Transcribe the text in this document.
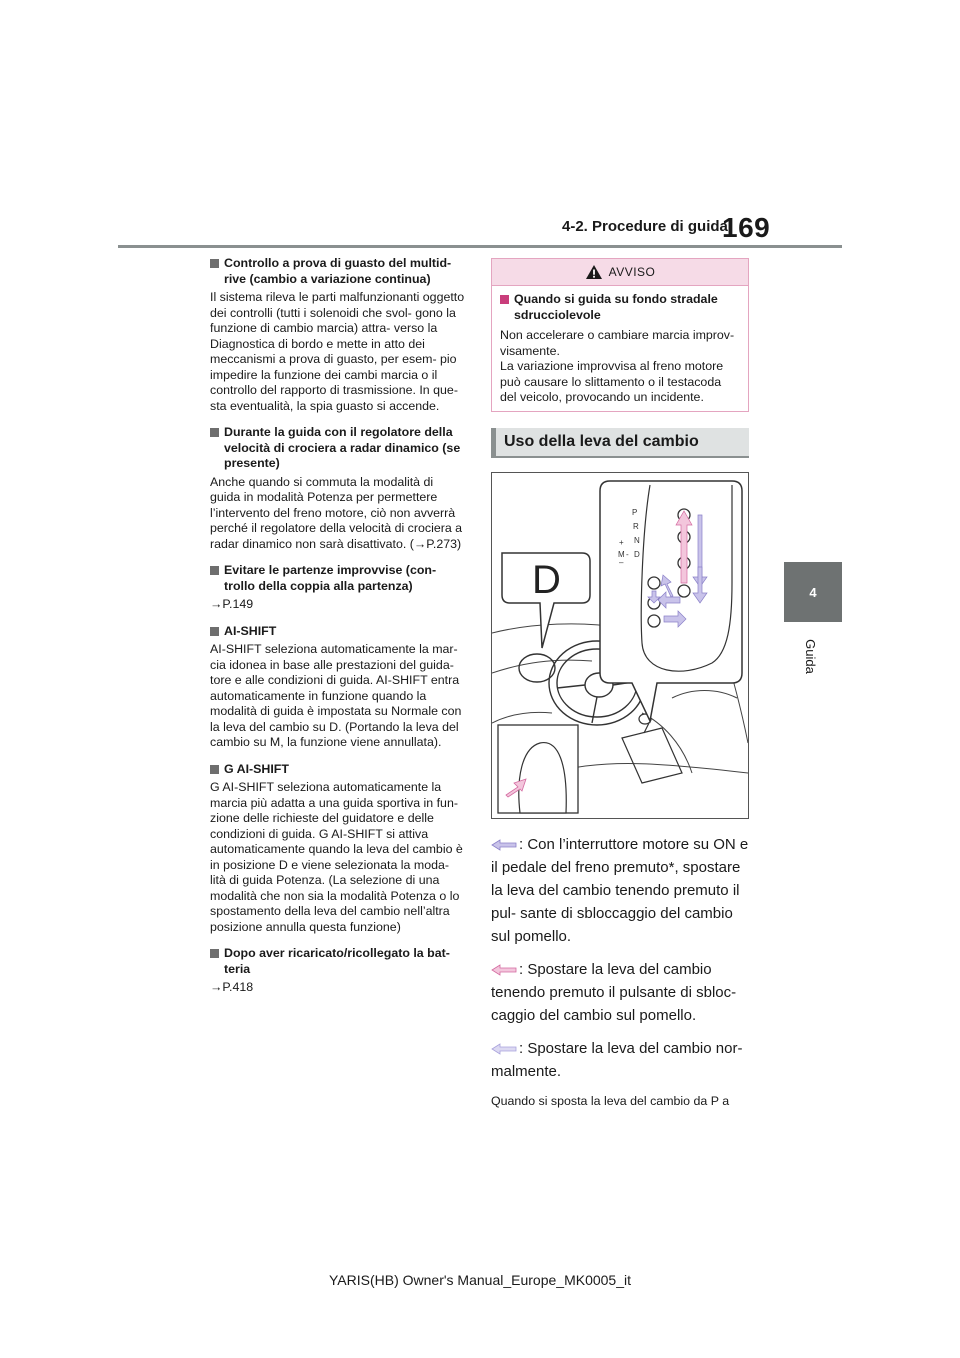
4-2. Procedure di guida
169
4
Guida
Controllo a prova di guasto del multid- rive (cambio a variazione continua)

Il sistema rileva le parti malfunzionanti oggetto dei controlli (tutti i solenoidi che svol- gono la funzione di cambio marcia) attra- verso la Diagnostica di bordo e mette in atto dei meccanismi a prova di guasto, per esem- pio impedire la funzione dei cambi marcia o il controllo del rapporto di trasmissione. In que- sta eventualità, la spia guasto si accende.

Durante la guida con il regolatore della velocità di crociera a radar dinamico (se presente)

Anche quando si commuta la modalità di guida in modalità Potenza per permettere l’intervento del freno motore, ciò non avverrà perché il regolatore della velocità di crociera a radar dinamico non sarà disattivato. (→P.273)

Evitare le partenze improvvise (con- trollo della coppia alla partenza)

→P.149

AI-SHIFT

AI-SHIFT seleziona automaticamente la mar- cia idonea in base alle prestazioni del guida- tore e alle condizioni di guida. AI-SHIFT entra automaticamente in funzione quando la modalità di guida è impostata su Normale con la leva del cambio su D. (Portando la leva del cambio su M, la funzione viene annullata).

G AI-SHIFT

G AI-SHIFT seleziona automaticamente la marcia più adatta a una guida sportiva in fun- zione delle richieste del guidatore e delle condizioni di guida. G AI-SHIFT si attiva automaticamente quando la leva del cambio è in posizione D e viene selezionata la moda- lità di guida Potenza. (La selezione di una modalità che non sia la modalità Potenza o lo spostamento della leva del cambio nell’altra posizione annulla questa funzione)

Dopo aver ricaricato/ricollegato la bat- teria

→P.418

AVVISO
Quando si guida su fondo stradale sdrucciolevole

Non accelerare o cambiare marcia improv- visamente.

La variazione improvvisa al freno motore può causare lo slittamento o il testacoda del veicolo, provocando un incidente.

Uso della leva del cambio
D
P
R
N
D
+
M -
–
: Con l’interruttore motore su ON e il pedale del freno premuto*, spostare la leva del cambio tenendo premuto il pul- sante di sbloccaggio del cambio sul pomello.
: Spostare la leva del cambio tenendo premuto il pulsante di sbloc- caggio del cambio sul pomello.
: Spostare la leva del cambio nor- malmente.
Quando si sposta la leva del cambio da P a
YARIS(HB) Owner's Manual_Europe_MK0005_it
